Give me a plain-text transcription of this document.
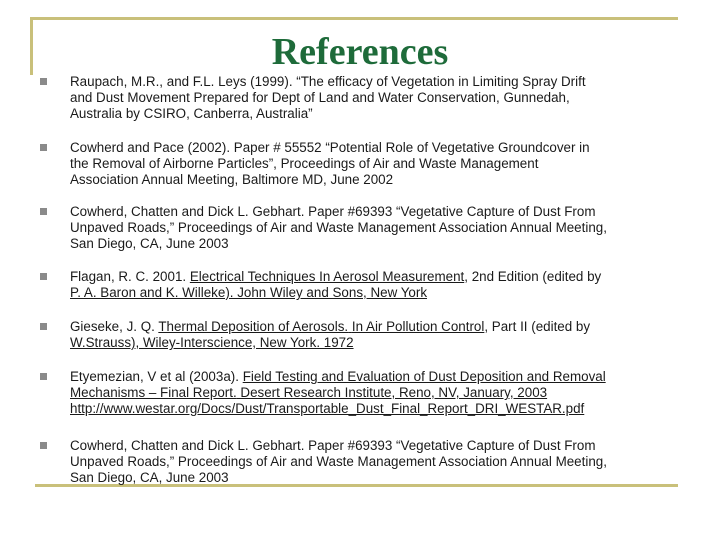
References
Raupach, M.R., and F.L. Leys (1999). “The efficacy of Vegetation in Limiting Spray Drift
and Dust Movement Prepared for Dept of Land and Water Conservation, Gunnedah,
Australia by CSIRO, Canberra, Australia”
Cowherd and Pace (2002). Paper # 55552 “Potential Role of Vegetative Groundcover in
the Removal of Airborne Particles”, Proceedings of Air and Waste Management
Association Annual Meeting, Baltimore MD, June 2002
Cowherd, Chatten and Dick L. Gebhart. Paper #69393 “Vegetative Capture of Dust From
Unpaved Roads,” Proceedings of Air and Waste Management Association Annual Meeting,
San Diego, CA, June 2003
Flagan, R. C. 2001. Electrical Techniques In Aerosol Measurement, 2nd Edition (edited by
P. A. Baron and K. Willeke). John Wiley and Sons, New York
Gieseke, J. Q. Thermal Deposition of Aerosols. In Air Pollution Control, Part II (edited by
W.Strauss), Wiley-Interscience, New York. 1972
Etyemezian, V et al (2003a). Field Testing and Evaluation of Dust Deposition and Removal
Mechanisms – Final Report. Desert Research Institute, Reno, NV, January, 2003
http://www.westar.org/Docs/Dust/Transportable_Dust_Final_Report_DRI_WESTAR.pdf
Cowherd, Chatten and Dick L. Gebhart. Paper #69393 “Vegetative Capture of Dust From
Unpaved Roads,” Proceedings of Air and Waste Management Association Annual Meeting,
San Diego, CA, June 2003
